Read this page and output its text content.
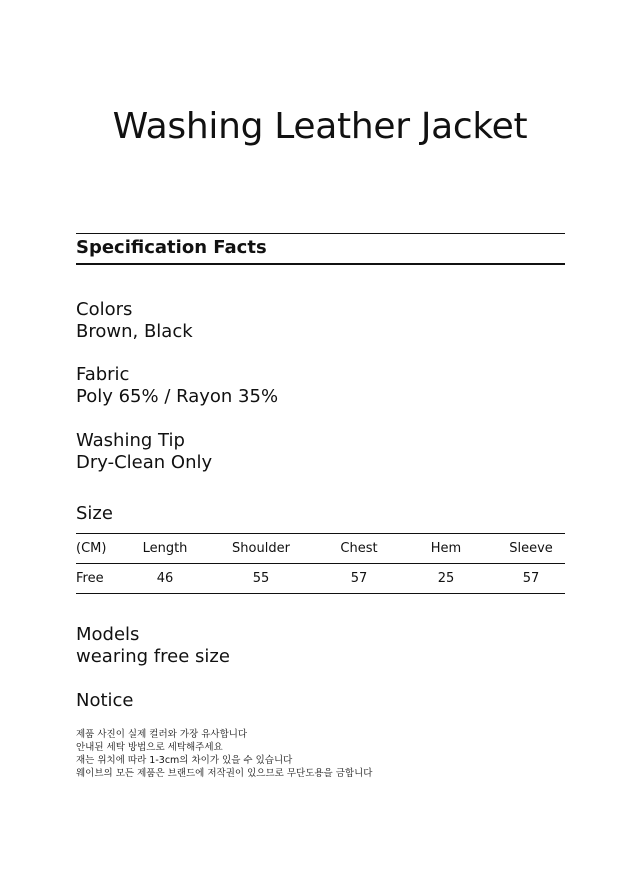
Washing Leather Jacket
Specification Facts
Colors
Brown, Black
Fabric
Poly 65% / Rayon 35%
Washing Tip
Dry-Clean Only
Size
(CM)	Length	Shoulder	Chest	Hem	Sleeve
Free	46	55	57	25	57
Models
wearing free size
Notice
제품 사진이 실제 컬러와 가장 유사합니다
안내된 세탁 방법으로 세탁해주세요
재는 위치에 따라 1-3cm의 차이가 있을 수 있습니다
웨이브의 모든 제품은 브랜드에 저작권이 있으므로 무단도용을 금합니다
